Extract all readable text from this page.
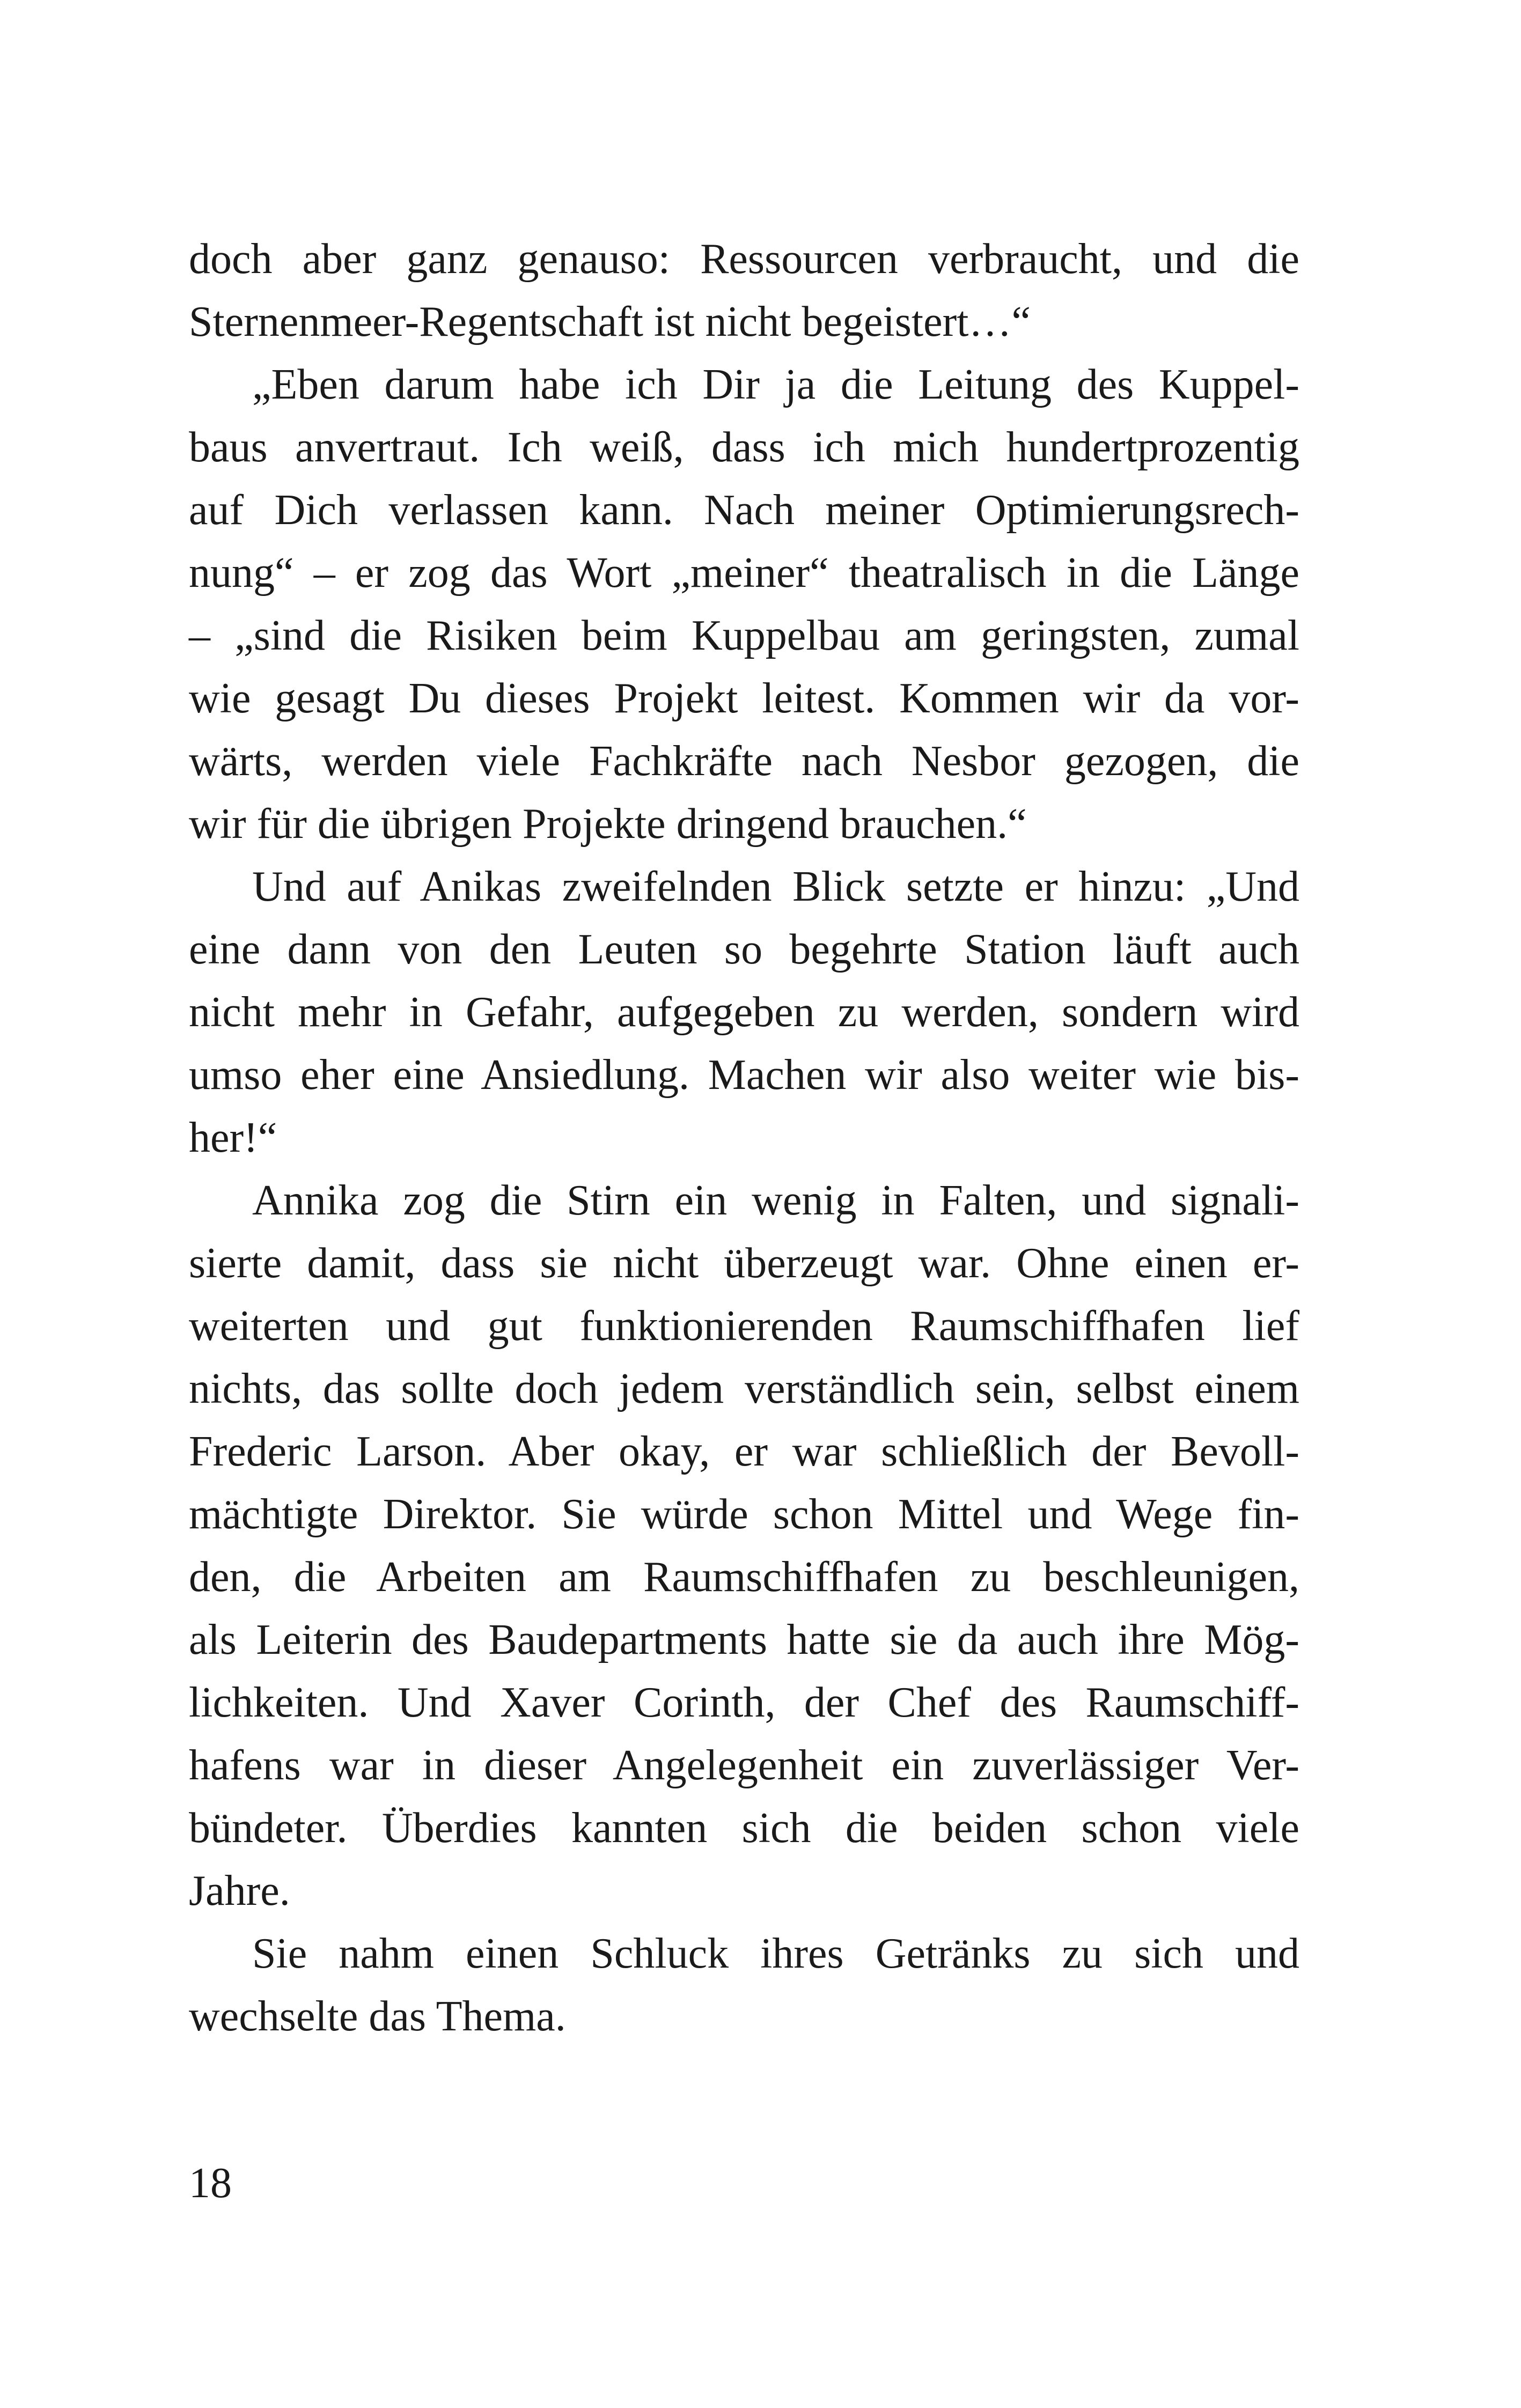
doch aber ganz genauso: Ressourcen verbraucht, und die
Sternenmeer-Regentschaft ist nicht begeistert…“
„Eben darum habe ich Dir ja die Leitung des Kuppel-
baus anvertraut. Ich weiß, dass ich mich hundertprozentig
auf Dich verlassen kann. Nach meiner Optimierungsrech-
nung“ – er zog das Wort „meiner“ theatralisch in die Länge
– „sind die Risiken beim Kuppelbau am geringsten, zumal
wie gesagt Du dieses Projekt leitest. Kommen wir da vor-
wärts, werden viele Fachkräfte nach Nesbor gezogen, die
wir für die übrigen Projekte dringend brauchen.“
Und auf Anikas zweifelnden Blick setzte er hinzu: „Und
eine dann von den Leuten so begehrte Station läuft auch
nicht mehr in Gefahr, aufgegeben zu werden, sondern wird
umso eher eine Ansiedlung. Machen wir also weiter wie bis-
her!“
Annika zog die Stirn ein wenig in Falten, und signali-
sierte damit, dass sie nicht überzeugt war. Ohne einen er-
weiterten und gut funktionierenden Raumschiffhafen lief
nichts, das sollte doch jedem verständlich sein, selbst einem
Frederic Larson. Aber okay, er war schließlich der Bevoll-
mächtigte Direktor. Sie würde schon Mittel und Wege fin-
den, die Arbeiten am Raumschiffhafen zu beschleunigen,
als Leiterin des Baudepartments hatte sie da auch ihre Mög-
lichkeiten. Und Xaver Corinth, der Chef des Raumschiff-
hafens war in dieser Angelegenheit ein zuverlässiger Ver-
bündeter. Überdies kannten sich die beiden schon viele
Jahre.
Sie nahm einen Schluck ihres Getränks zu sich und
wechselte das Thema.
18
